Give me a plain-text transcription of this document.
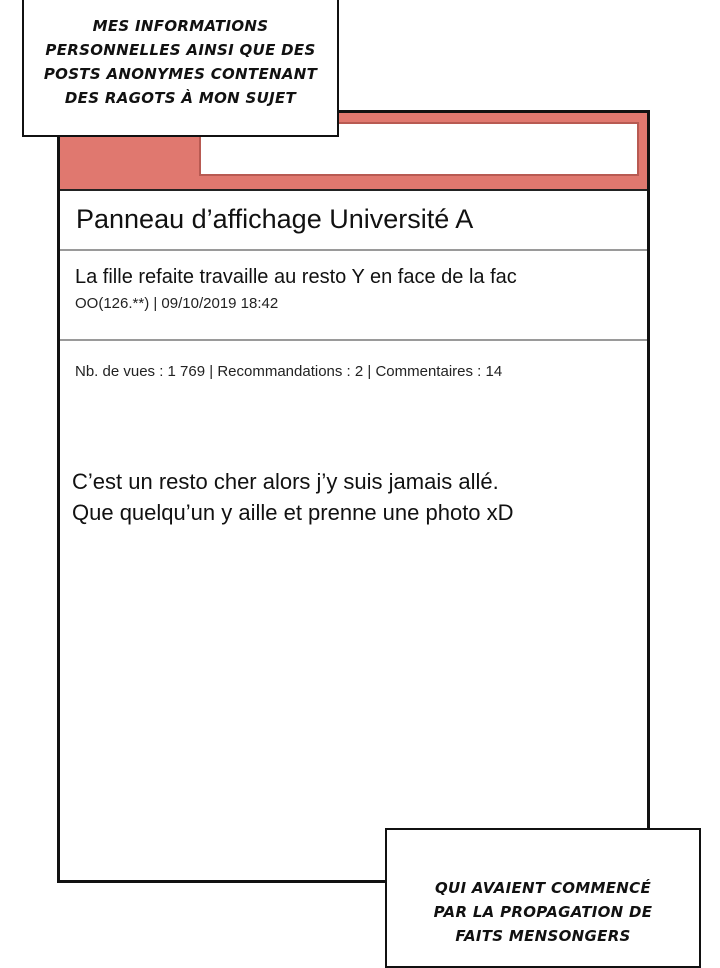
Panneau d’affichage Université A
La fille refaite travaille au resto Y en face de la fac
OO(126.**) | 09/10/2019 18:42
Nb. de vues : 1 769 | Recommandations : 2 | Commentaires : 14
C’est un resto cher alors j’y suis jamais allé.
Que quelqu’un y aille et prenne une photo xD
MES INFORMATIONS
PERSONNELLES AINSI QUE DES
POSTS ANONYMES CONTENANT
DES RAGOTS À MON SUJET
QUI AVAIENT COMMENCÉ
PAR LA PROPAGATION DE
FAITS MENSONGERS
